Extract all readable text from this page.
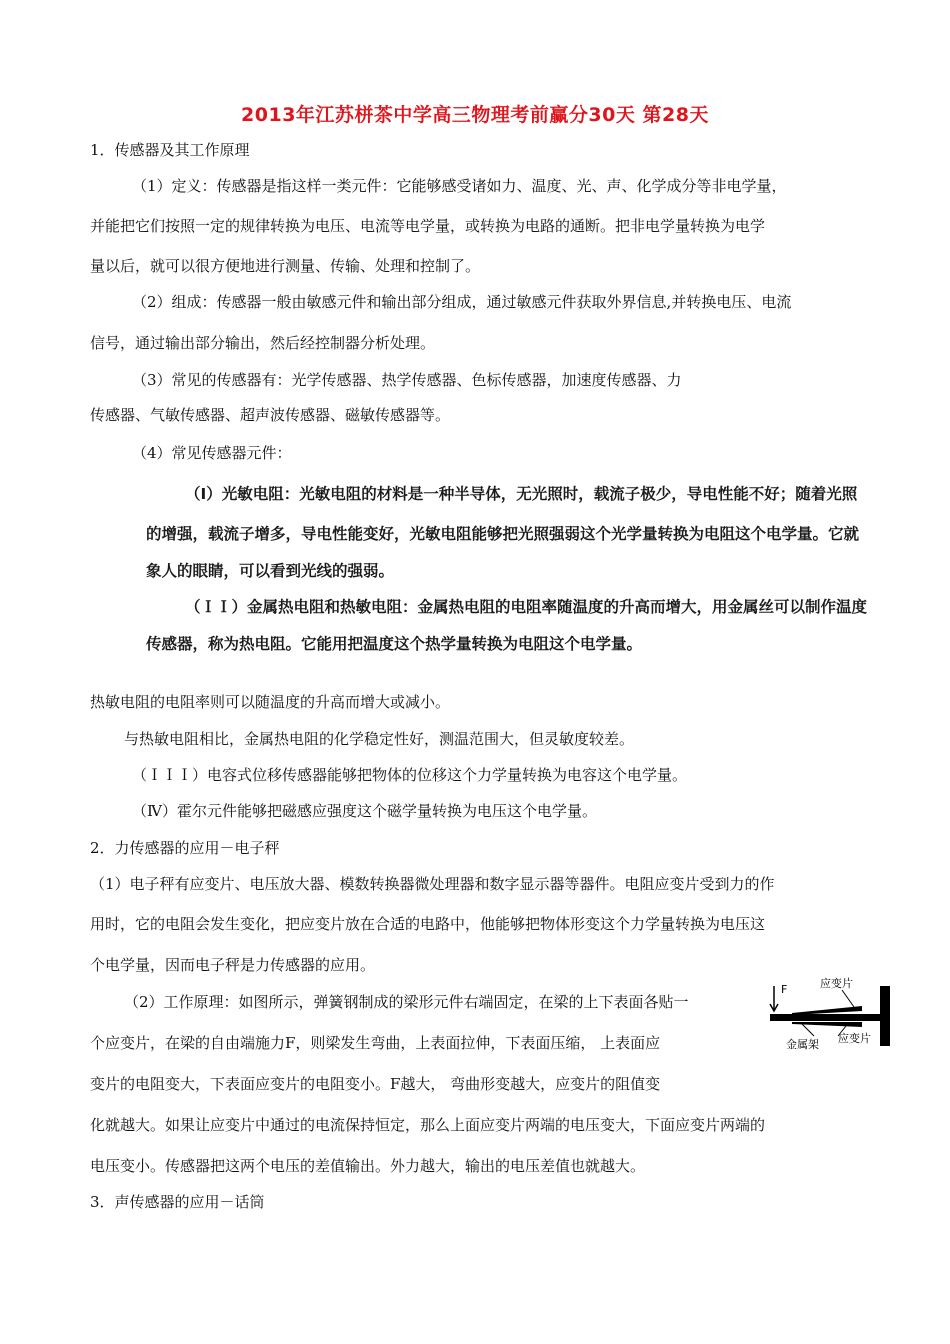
2013年江苏栟茶中学高三物理考前赢分30天 第28天
1．传感器及其工作原理
（1）定义：传感器是指这样一类元件：它能够感受诸如力、温度、光、声、化学成分等非电学量，
并能把它们按照一定的规律转换为电压、电流等电学量，或转换为电路的通断。把非电学量转换为电学
量以后，就可以很方便地进行测量、传输、处理和控制了。
（2）组成：传感器一般由敏感元件和输出部分组成，通过敏感元件获取外界信息,并转换电压、电流
信号，通过输出部分输出，然后经控制器分析处理。
（3）常见的传感器有：光学传感器、热学传感器、色标传感器，加速度传感器、力
传感器、气敏传感器、超声波传感器、磁敏传感器等。
（4）常见传感器元件：
（Ⅰ）光敏电阻：光敏电阻的材料是一种半导体，无光照时，载流子极少，导电性能不好；随着光照
的增强，载流子增多，导电性能变好，光敏电阻能够把光照强弱这个光学量转换为电阻这个电学量。它就
象人的眼睛，可以看到光线的强弱。
（ＩＩ）金属热电阻和热敏电阻：金属热电阻的电阻率随温度的升高而增大，用金属丝可以制作温度
传感器，称为热电阻。它能用把温度这个热学量转换为电阻这个电学量。
热敏电阻的电阻率则可以随温度的升高而增大或减小。
与热敏电阻相比，金属热电阻的化学稳定性好，测温范围大，但灵敏度较差。
（ＩＩＩ）电容式位移传感器能够把物体的位移这个力学量转换为电容这个电学量。
（Ⅳ）霍尔元件能够把磁感应强度这个磁学量转换为电压这个电学量。
2．力传感器的应用－电子秤
（1）电子秤有应变片、电压放大器、模数转换器微处理器和数字显示器等器件。电阻应变片受到力的作
用时，它的电阻会发生变化，把应变片放在合适的电路中，他能够把物体形变这个力学量转换为电压这
个电学量，因而电子秤是力传感器的应用。
（2）工作原理：如图所示，弹簧钢制成的梁形元件右端固定，在梁的上下表面各贴一
个应变片，在梁的自由端施力F，则梁发生弯曲，上表面拉伸，下表面压缩， 上表面应
变片的电阻变大，下表面应变片的电阻变小。F越大， 弯曲形变越大，应变片的阻值变
化就越大。如果让应变片中通过的电流保持恒定，那么上面应变片两端的电压变大，下面应变片两端的
电压变小。传感器把这两个电压的差值输出。外力越大，输出的电压差值也就越大。
3．声传感器的应用－话筒
F	应变片
应变片
金属架
